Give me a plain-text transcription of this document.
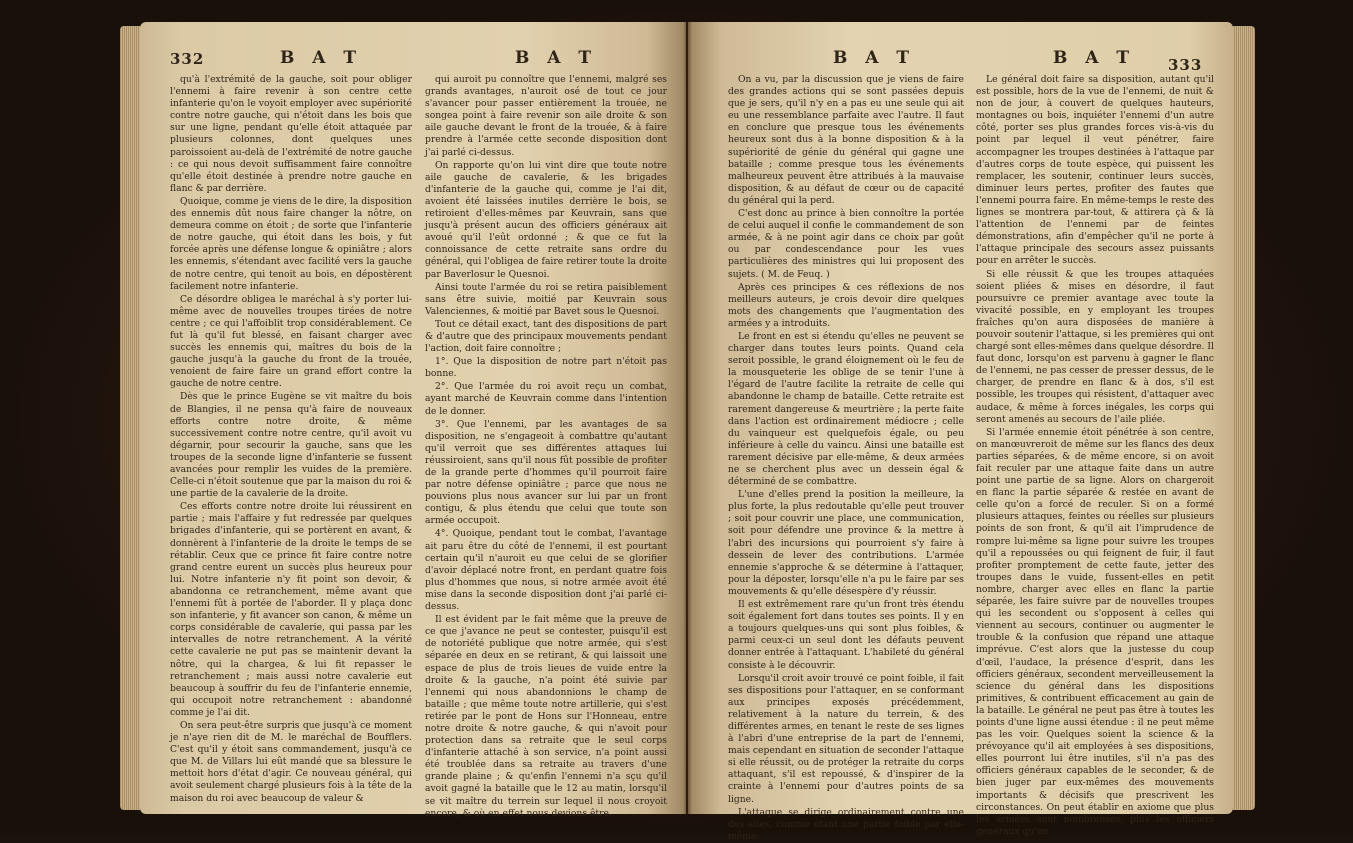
332	B A T	B A T

qu'à l'extrémité de la gauche, soit pour obliger l'ennemi à faire revenir à son centre cette infanterie qu'on le voyoit employer avec supériorité contre notre gauche, qui n'étoit dans les bois que sur une ligne, pendant qu'elle étoit attaquée par plusieurs colonnes, dont quelques unes paroissoient au-delà de l'extrémité de notre gauche : ce qui nous devoit suffisamment faire connoître qu'elle étoit destinée à prendre notre gauche en flanc & par derrière.

Quoique, comme je viens de le dire, la disposition des ennemis dût nous faire changer la nôtre, on demeura comme on étoit ; de sorte que l'infanterie de notre gauche, qui étoit dans les bois, y fut forcée après une défense longue & opiniâtre ; alors les ennemis, s'étendant avec facilité vers la gauche de notre centre, qui tenoit au bois, en dépostèrent facilement notre infanterie.

Ce désordre obligea le maréchal à s'y porter lui-même avec de nouvelles troupes tirées de notre centre ; ce qui l'affoiblit trop considérablement. Ce fut là qu'il fut blessé, en faisant charger avec succès les ennemis qui, maîtres du bois de la gauche jusqu'à la gauche du front de la trouée, venoient de faire faire un grand effort contre la gauche de notre centre.

Dès que le prince Eugène se vit maître du bois de Blangies, il ne pensa qu'à faire de nouveaux efforts contre notre droite, & même successivement contre notre centre, qu'il avoit vu dégarnir, pour secourir la gauche, sans que les troupes de la seconde ligne d'infanterie se fussent avancées pour remplir les vuides de la première. Celle-ci n'étoit soutenue que par la maison du roi & une partie de la cavalerie de la droite.

Ces efforts contre notre droite lui réussirent en partie ; mais l'affaire y fut redressée par quelques brigades d'infanterie, qui se portèrent en avant, & donnèrent à l'infanterie de la droite le temps de se rétablir. Ceux que ce prince fit faire contre notre grand centre eurent un succès plus heureux pour lui. Notre infanterie n'y fit point son devoir, & abandonna ce retranchement, même avant que l'ennemi fût à portée de l'aborder. Il y plaça donc son infanterie, y fit avancer son canon, & même un corps considérable de cavalerie, qui passa par les intervalles de notre retranchement. A la vérité cette cavalerie ne put pas se maintenir devant la nôtre, qui la chargea, & lui fit repasser le retranchement ; mais aussi notre cavalerie eut beaucoup à souffrir du feu de l'infanterie ennemie, qui occupoit notre retranchement : abandonné comme je l'ai dit.

On sera peut-être surpris que jusqu'à ce moment je n'aye rien dit de M. le maréchal de Boufflers. C'est qu'il y étoit sans commandement, jusqu'à ce que M. de Villars lui eût mandé que sa blessure le mettoit hors d'état d'agir. Ce nouveau général, qui avoit seulement chargé plusieurs fois à la tête de la maison du roi avec beaucoup de valeur &

qui auroit pu connoître que l'ennemi, malgré ses grands avantages, n'auroit osé de tout ce jour s'avancer pour passer entièrement la trouée, ne songea point à faire revenir son aile droite & son aile gauche devant le front de la trouée, & à faire prendre à l'armée cette seconde disposition dont j'ai parlé ci-dessus.

On rapporte qu'on lui vint dire que toute notre aile gauche de cavalerie, & les brigades d'infanterie de la gauche qui, comme je l'ai dit, avoient été laissées inutiles derrière le bois, se retiroient d'elles-mêmes par Keuvrain, sans que jusqu'à présent aucun des officiers généraux ait avoué qu'il l'eût ordonné ; & que ce fut la connoissance de cette retraite sans ordre du général, qui l'obligea de faire retirer toute la droite par Baverlosur le Quesnoi.

Ainsi toute l'armée du roi se retira paisiblement sans être suivie, moitié par Keuvrain sous Valenciennes, & moitié par Bavet sous le Quesnoi.

Tout ce détail exact, tant des dispositions de part & d'autre que des principaux mouvements pendant l'action, doit faire connoître ;

1°. Que la disposition de notre part n'étoit pas bonne.

2°. Que l'armée du roi avoit reçu un combat, ayant marché de Keuvrain comme dans l'intention de le donner.

3°. Que l'ennemi, par les avantages de sa disposition, ne s'engageoit à combattre qu'autant qu'il verroit que ses différentes attaques lui réussiroient, sans qu'il nous fût possible de profiter de la grande perte d'hommes qu'il pourroit faire par notre défense opiniâtre ; parce que nous ne pouvions plus nous avancer sur lui par un front contigu, & plus étendu que celui que toute son armée occupoit.

4°. Quoique, pendant tout le combat, l'avantage ait paru être du côté de l'ennemi, il est pourtant certain qu'il n'auroit eu que celui de se glorifier d'avoir déplacé notre front, en perdant quatre fois plus d'hommes que nous, si notre armée avoit été mise dans la seconde disposition dont j'ai parlé ci-dessus.

Il est évident par le fait même que la preuve de ce que j'avance ne peut se contester, puisqu'il est de notoriété publique que notre armée, qui s'est séparée en deux en se retirant, & qui laissoit une espace de plus de trois lieues de vuide entre la droite & la gauche, n'a point été suivie par l'ennemi qui nous abandonnions le champ de bataille ; que même toute notre artillerie, qui s'est retirée par le pont de Hons sur l'Honneau, entre notre droite & notre gauche, & qui n'avoit pour protection dans sa retraite que le seul corps d'infanterie attaché à son service, n'a point aussi été troublée dans sa retraite au travers d'une grande plaine ; & qu'enfin l'ennemi n'a sçu qu'il avoit gagné la bataille que le 12 au matin, lorsqu'il se vit maître du terrein sur lequel il nous croyoit encore, & où en effet nous devions être.

B A T	B A T 333

On a vu, par la discussion que je viens de faire des grandes actions qui se sont passées depuis que je sers, qu'il n'y en a pas eu une seule qui ait eu une ressemblance parfaite avec l'autre. Il faut en conclure que presque tous les événements heureux sont dus à la bonne disposition & à la supériorité de génie du général qui gagne une bataille ; comme presque tous les événements malheureux peuvent être attribués à la mauvaise disposition, & au défaut de cœur ou de capacité du général qui la perd.

C'est donc au prince à bien connoître la portée de celui auquel il confie le commandement de son armée, & à ne point agir dans ce choix par goût ou par condescendance pour les vues particulières des ministres qui lui proposent des sujets. ( M. de Feuq. )

Après ces principes & ces réflexions de nos meilleurs auteurs, je crois devoir dire quelques mots des changements que l'augmentation des armées y a introduits.

Le front en est si étendu qu'elles ne peuvent se charger dans toutes leurs points. Quand cela seroit possible, le grand éloignement où le feu de la mousqueterie les oblige de se tenir l'une à l'égard de l'autre facilite la retraite de celle qui abandonne le champ de bataille. Cette retraite est rarement dangereuse & meurtrière ; la perte faite dans l'action est ordinairement médiocre ; celle du vainqueur est quelquefois égale, ou peu inférieure à celle du vaincu. Ainsi une bataille est rarement décisive par elle-même, & deux armées ne se cherchent plus avec un dessein égal & déterminé de se combattre.

L'une d'elles prend la position la meilleure, la plus forte, la plus redoutable qu'elle peut trouver ; soit pour couvrir une place, une communication, soit pour défendre une province & la mettre à l'abri des incursions qui pourroient s'y faire à dessein de lever des contributions. L'armée ennemie s'approche & se détermine à l'attaquer, pour la déposter, lorsqu'elle n'a pu le faire par ses mouvements & qu'elle désespère d'y réussir.

Il est extrêmement rare qu'un front très étendu soit également fort dans toutes ses points. Il y en a toujours quelques-uns qui sont plus foibles, & parmi ceux-ci un seul dont les défauts peuvent donner entrée à l'attaquant. L'habileté du général consiste à le découvrir.

Lorsqu'il croit avoir trouvé ce point foible, il fait ses dispositions pour l'attaquer, en se conformant aux principes exposés précédemment, relativement à la nature du terrein, & des différentes armes, en tenant le reste de ses lignes à l'abri d'une entreprise de la part de l'ennemi, mais cependant en situation de seconder l'attaque si elle réussit, ou de protéger la retraite du corps attaquant, s'il est repoussé, & d'inspirer de la crainte à l'ennemi pour d'autres points de sa ligne.

L'attaque se dirige ordinairement contre une des ailes, comme étant une partie foible par elle-même.

Le général doit faire sa disposition, autant qu'il est possible, hors de la vue de l'ennemi, de nuit & non de jour, à couvert de quelques hauteurs, montagnes ou bois, inquiéter l'ennemi d'un autre côté, porter ses plus grandes forces vis-à-vis du point par lequel il veut pénétrer, faire accompagner les troupes destinées à l'attaque par d'autres corps de toute espèce, qui puissent les remplacer, les soutenir, continuer leurs succès, diminuer leurs pertes, profiter des fautes que l'ennemi pourra faire. En même-temps le reste des lignes se montrera par-tout, & attirera çà & là l'attention de l'ennemi par de feintes démonstrations, afin d'empêcher qu'il ne porte à l'attaque principale des secours assez puissants pour en arrêter le succès.

Si elle réussit & que les troupes attaquées soient pliées & mises en désordre, il faut poursuivre ce premier avantage avec toute la vivacité possible, en y employant les troupes fraîches qu'on aura disposées de manière à pouvoir soutenir l'attaque, si les premières qui ont chargé sont elles-mêmes dans quelque désordre. Il faut donc, lorsqu'on est parvenu à gagner le flanc de l'ennemi, ne pas cesser de presser dessus, de le charger, de prendre en flanc & à dos, s'il est possible, les troupes qui résistent, d'attaquer avec audace, & même à forces inégales, les corps qui seront amenés au secours de l'aile pliée.

Si l'armée ennemie étoit pénétrée à son centre, on manœuvreroit de même sur les flancs des deux parties séparées, & de même encore, si on avoit fait reculer par une attaque faite dans un autre point une partie de sa ligne. Alors on chargeroit en flanc la partie séparée & restée en avant de celle qu'on a forcé de reculer. Si on a formé plusieurs attaques, feintes ou réelles sur plusieurs points de son front, & qu'il ait l'imprudence de rompre lui-même sa ligne pour suivre les troupes qu'il a repoussées ou qui feignent de fuir, il faut profiter promptement de cette faute, jetter des troupes dans le vuide, fussent-elles en petit nombre, charger avec elles en flanc la partie séparée, les faire suivre par de nouvelles troupes qui les secondent ou s'opposent à celles qui viennent au secours, continuer ou augmenter le trouble & la confusion que répand une attaque imprévue. C'est alors que la justesse du coup d'œil, l'audace, la présence d'esprit, dans les officiers généraux, secondent merveilleusement la science du général dans les dispositions primitives, & contribuent efficacement au gain de la bataille. Le général ne peut pas être à toutes les points d'une ligne aussi étendue : il ne peut même pas les voir. Quelques soient la science & la prévoyance qu'il ait employées à ses dispositions, elles pourront lui être inutiles, s'il n'a pas des officiers généraux capables de le seconder, & de bien juger par eux-mêmes des mouvements importants & décisifs que prescrivent les circonstances. On peut établir en axiome que plus les armées sont nombreuses, plus les officiers généraux qu'on
